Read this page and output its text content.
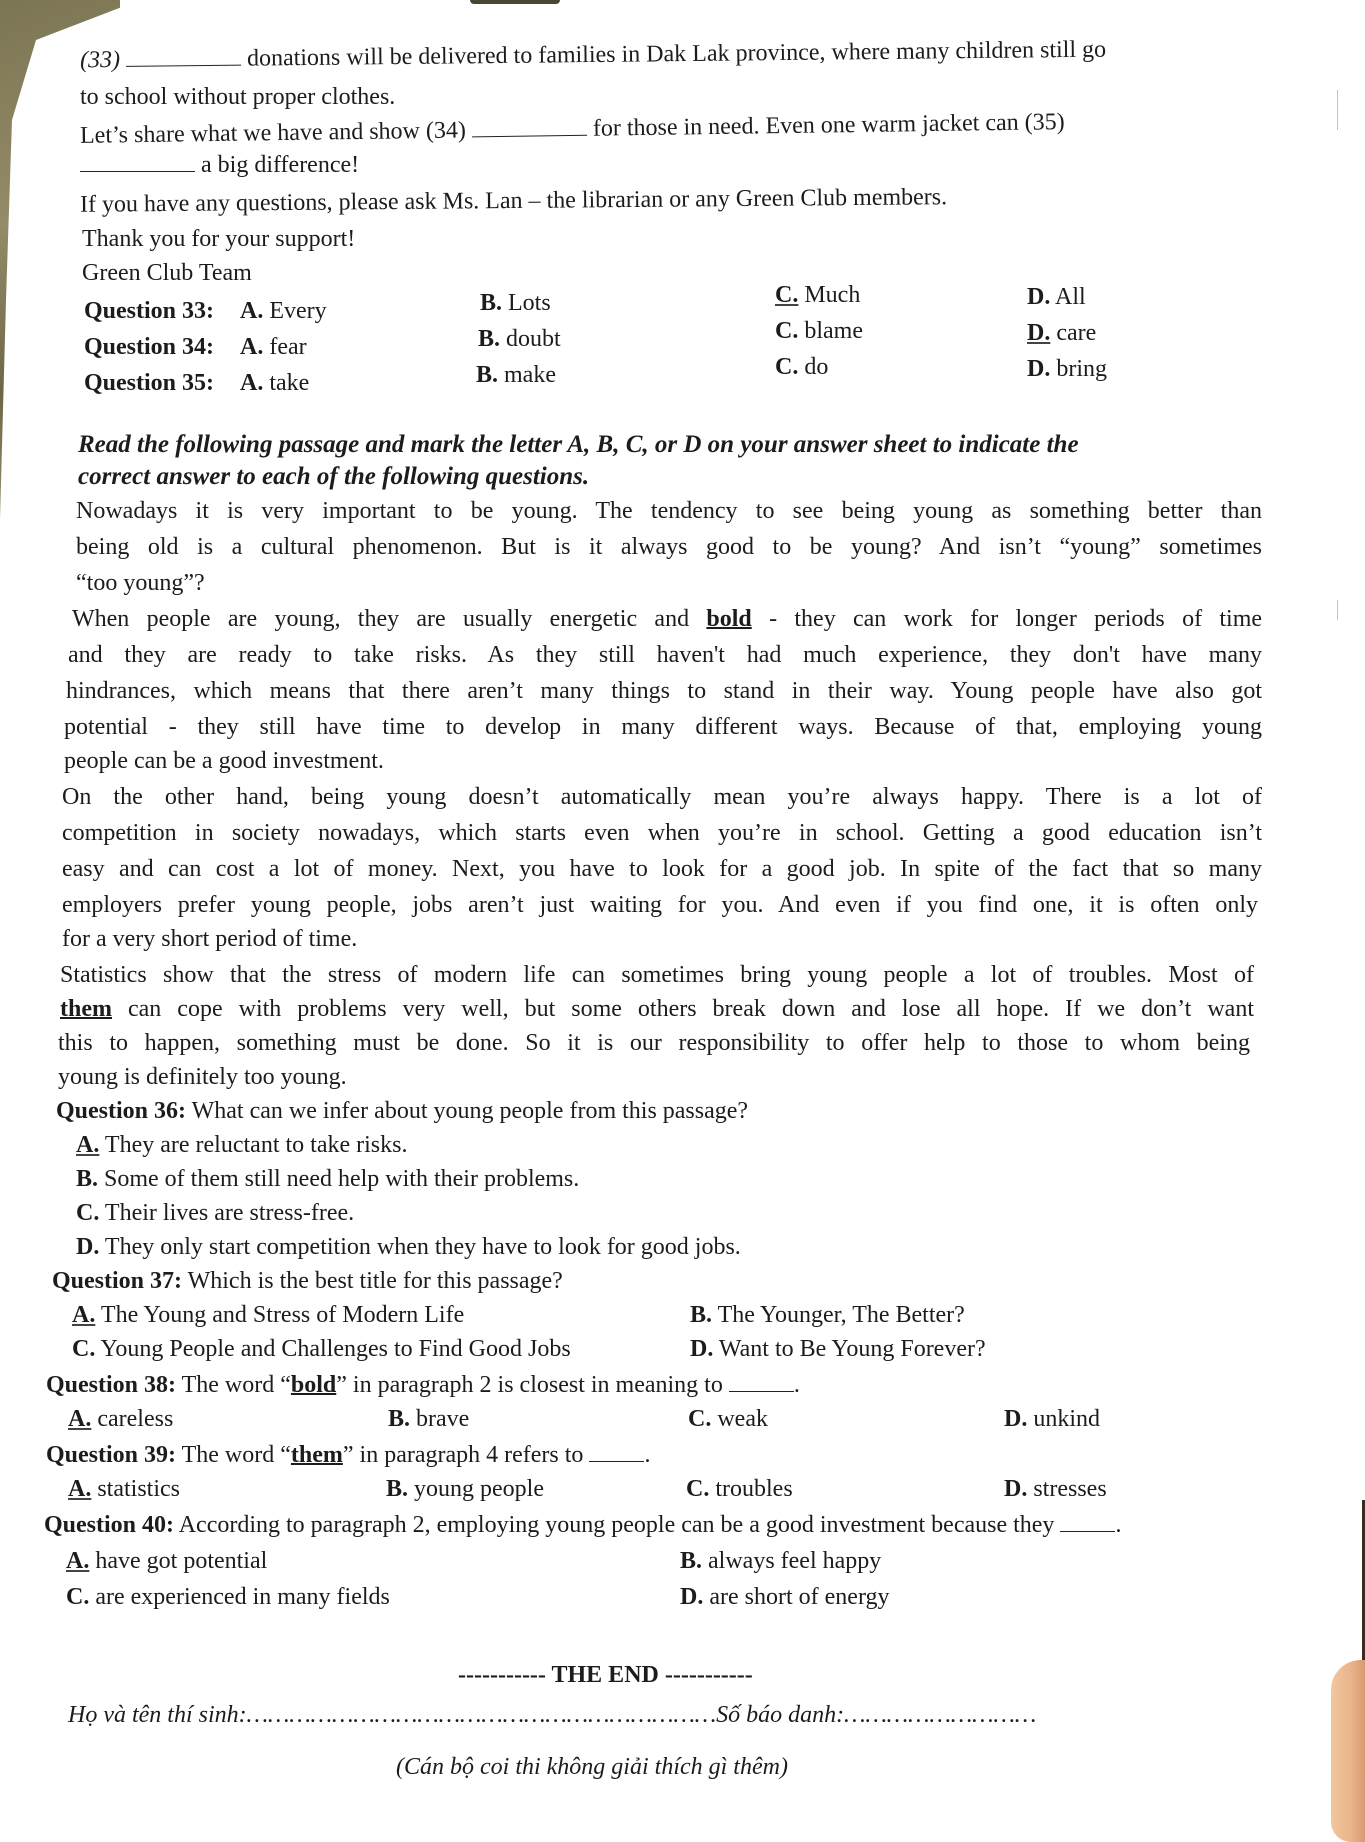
(33)	donations will be delivered to families in Dak Lak province, where many children still go
to school without proper clothes.
Let’s share what we have and show (34)	for those in need. Even one warm jacket can (35)
a big difference!
If you have any questions, please ask Ms. Lan – the librarian or any Green Club members.
Thank you for your support!
Green Club Team
Question 33: A. Every	B. Lots	C. Much	D. All
Question 34: A. fear	B. doubt	C. blame	D. care
Question 35: A. take	B. make	C. do	D. bring
Read the following passage and mark the letter A, B, C, or D on your answer sheet to indicate the
correct answer to each of the following questions.
Nowadays it is very important to be young. The tendency to see being young as something better than
being old is a cultural phenomenon. But is it always good to be young? And isn’t “young” sometimes
“too young”?
When people are young, they are usually energetic and bold - they can work for longer periods of time
and they are ready to take risks. As they still haven't had much experience, they don't have many
hindrances, which means that there aren’t many things to stand in their way. Young people have also got
potential - they still have time to develop in many different ways. Because of that, employing young
people can be a good investment.
On the other hand, being young doesn’t automatically mean you’re always happy. There is a lot of
competition in society nowadays, which starts even when you’re in school. Getting a good education isn’t
easy and can cost a lot of money. Next, you have to look for a good job. In spite of the fact that so many
employers prefer young people, jobs aren’t just waiting for you. And even if you find one, it is often only
for a very short period of time.
Statistics show that the stress of modern life can sometimes bring young people a lot of troubles. Most of
them can cope with problems very well, but some others break down and lose all hope. If we don’t want
this to happen, something must be done. So it is our responsibility to offer help to those to whom being
young is definitely too young.
Question 36: What can we infer about young people from this passage?
A. They are reluctant to take risks.
B. Some of them still need help with their problems.
C. Their lives are stress-free.
D. They only start competition when they have to look for good jobs.
Question 37: Which is the best title for this passage?
A. The Young and Stress of Modern Life	B. The Younger, The Better?
C. Young People and Challenges to Find Good Jobs	D. Want to Be Young Forever?
Question 38: The word “bold” in paragraph 2 is closest in meaning to	.
A. careless	B. brave	C. weak	D. unkind
Question 39: The word “them” in paragraph 4 refers to	.
A. statistics	B. young people	C. troubles	D. stresses
Question 40: According to paragraph 2, employing young people can be a good investment because they	.
A. have got potential	B. always feel happy
C. are experienced in many fields	D. are short of energy
----------- THE END -----------
Họ và tên thí sinh:…………………………………………………………Số báo danh:………………………
(Cán bộ coi thi không giải thích gì thêm)
